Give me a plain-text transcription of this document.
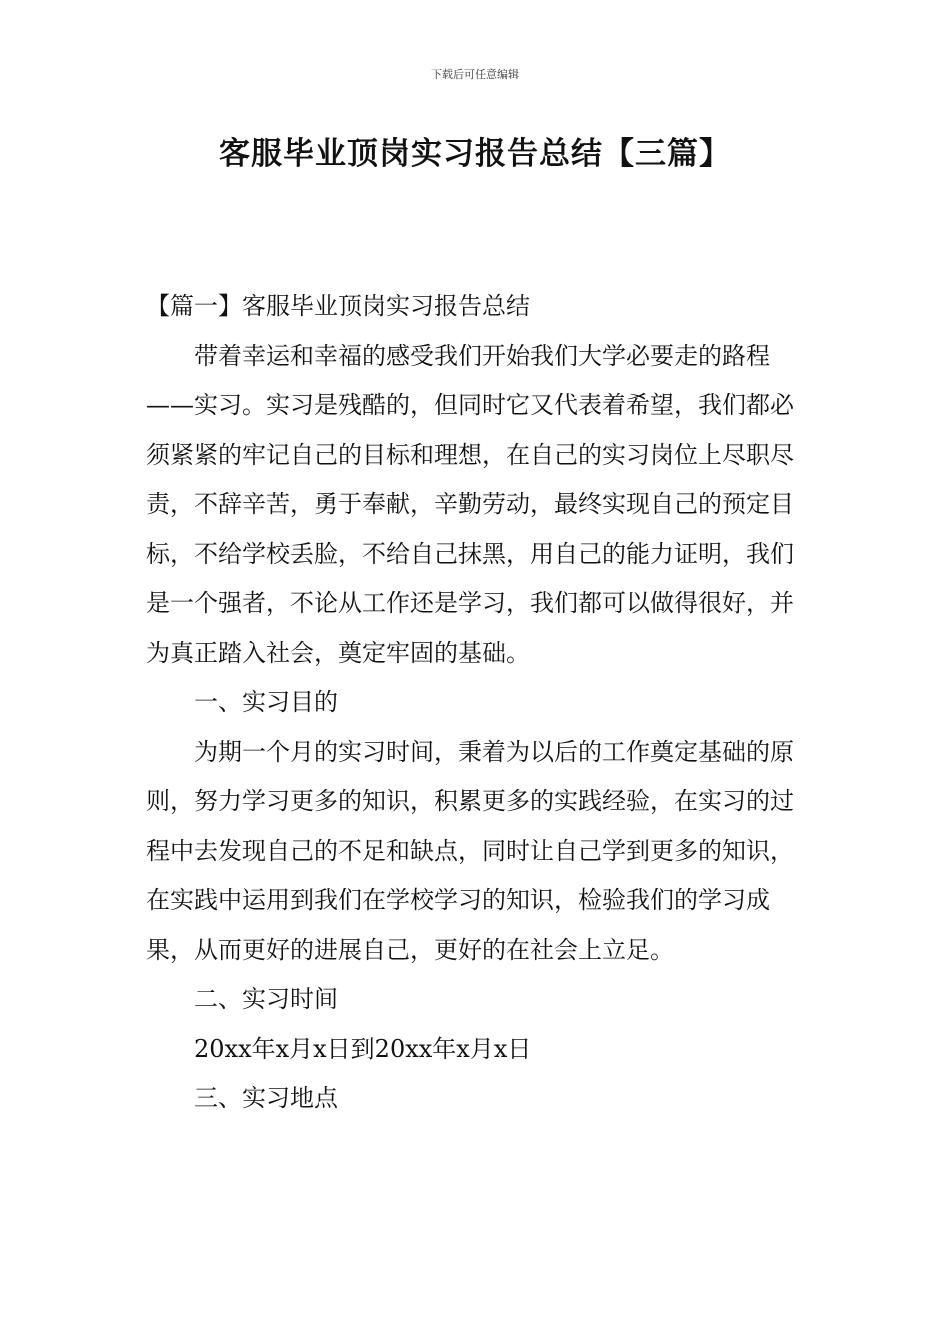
下载后可任意编辑
客服毕业顶岗实习报告总结【三篇】

【篇一】客服毕业顶岗实习报告总结

带着幸运和幸福的感受我们开始我们大学必要走的路程——实习。实习是残酷的，但同时它又代表着希望，我们都必须紧紧的牢记自己的目标和理想，在自己的实习岗位上尽职尽责，不辞辛苦，勇于奉献，辛勤劳动，最终实现自己的预定目标，不给学校丢脸，不给自己抹黑，用自己的能力证明，我们是一个强者，不论从工作还是学习，我们都可以做得很好，并为真正踏入社会，奠定牢固的基础。

一、实习目的

为期一个月的实习时间，秉着为以后的工作奠定基础的原则，努力学习更多的知识，积累更多的实践经验，在实习的过程中去发现自己的不足和缺点，同时让自己学到更多的知识，在实践中运用到我们在学校学习的知识，检验我们的学习成果，从而更好的进展自己，更好的在社会上立足。

二、实习时间

20xx年x月x日到20xx年x月x日

三、实习地点
